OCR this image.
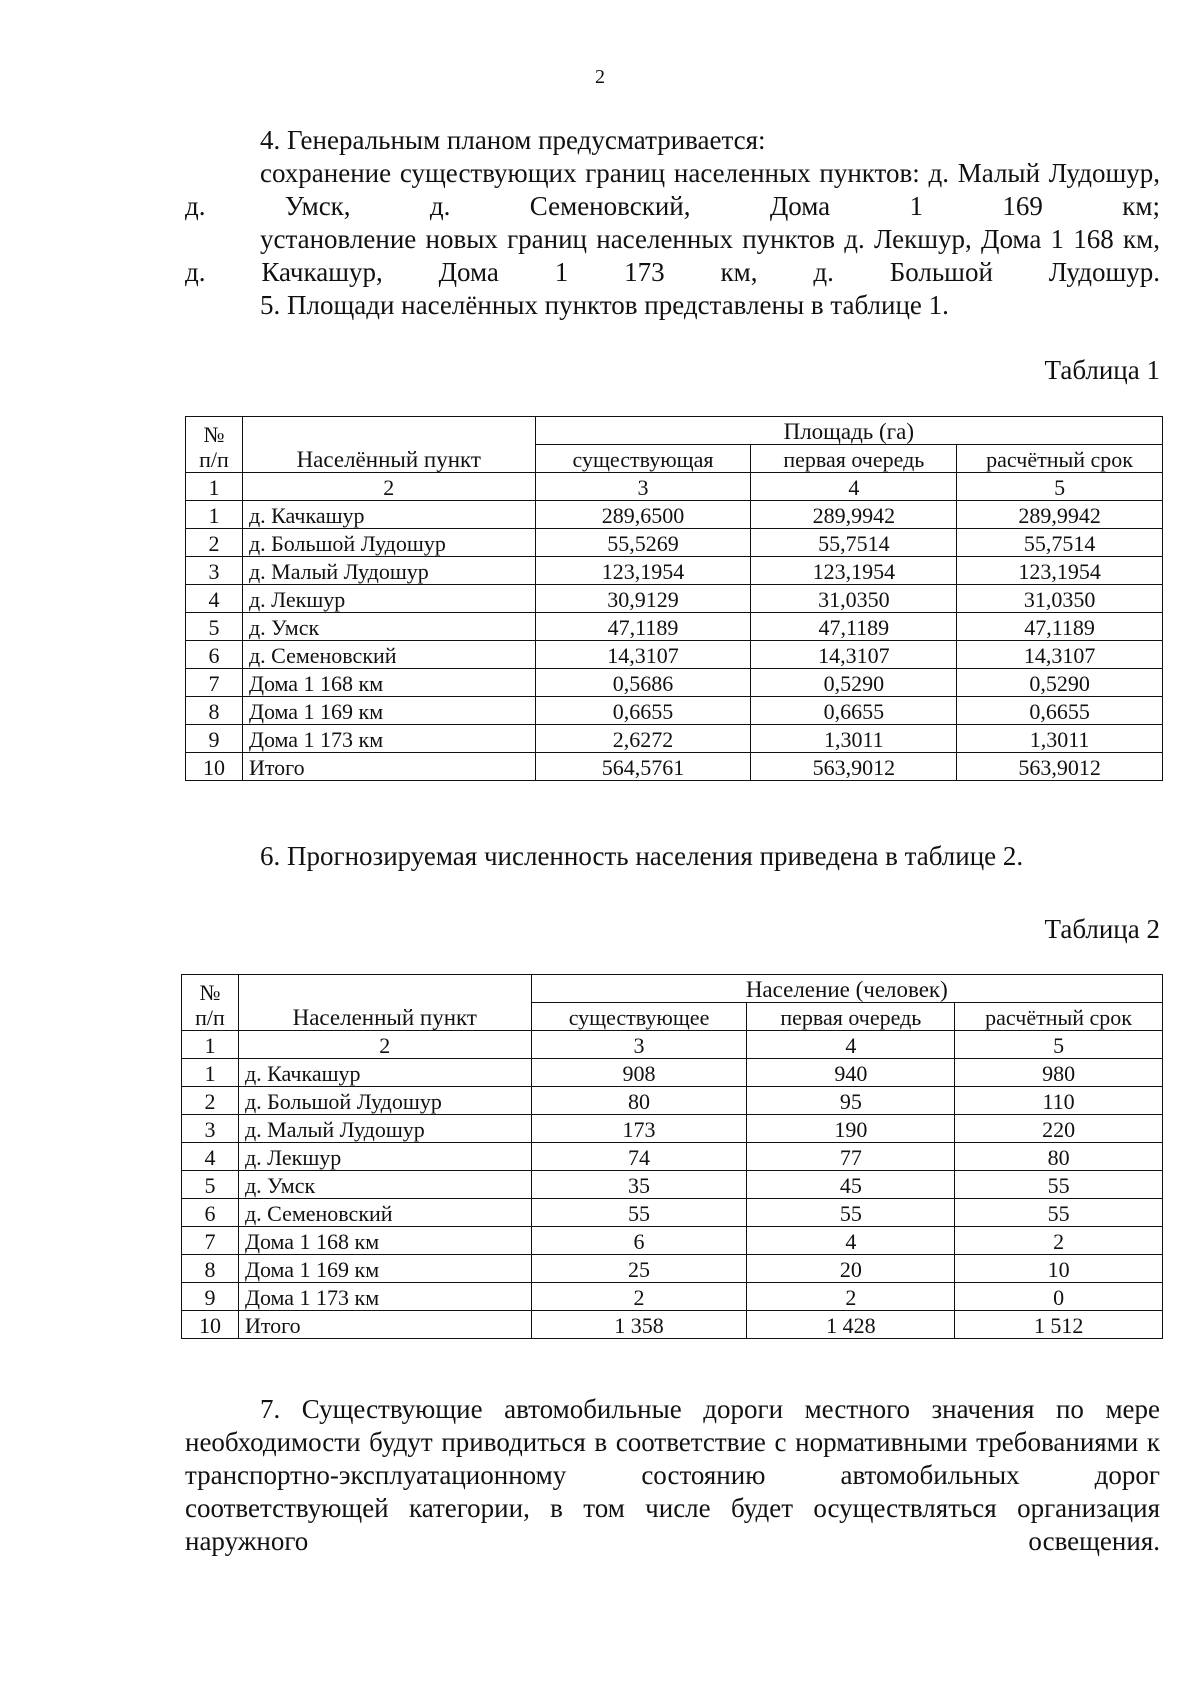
2
4. Генеральным планом предусматривается:
сохранение существующих границ населенных пунктов: д. Малый Лудошур, д. Умск, д. Семеновский, Дома 1 169 км;
установление новых границ населенных пунктов д. Лекшур, Дома 1 168 км, д. Качкашур, Дома 1 173 км, д. Большой Лудошур.
5. Площади населённых пунктов представлены в таблице 1.
Таблица 1
№ п/п	Населённый пункт	Площадь (га)		
		существующая	первая очередь	расчётный срок
1	2	3	4	5
1	д. Качкашур	289,6500	289,9942	289,9942
2	д. Большой Лудошур	55,5269	55,7514	55,7514
3	д. Малый Лудошур	123,1954	123,1954	123,1954
4	д. Лекшур	30,9129	31,0350	31,0350
5	д. Умск	47,1189	47,1189	47,1189
6	д. Семеновский	14,3107	14,3107	14,3107
7	Дома 1 168 км	0,5686	0,5290	0,5290
8	Дома 1 169 км	0,6655	0,6655	0,6655
9	Дома 1 173 км	2,6272	1,3011	1,3011
10	Итого	564,5761	563,9012	563,9012
6. Прогнозируемая численность населения приведена в таблице 2.
Таблица 2
№ п/п	Населенный пункт	Население (человек)		
		существующее	первая очередь	расчётный срок
1	2	3	4	5
1	д. Качкашур	908	940	980
2	д. Большой Лудошур	80	95	110
3	д. Малый Лудошур	173	190	220
4	д. Лекшур	74	77	80
5	д. Умск	35	45	55
6	д. Семеновский	55	55	55
7	Дома 1 168 км	6	4	2
8	Дома 1 169 км	25	20	10
9	Дома 1 173 км	2	2	0
10	Итого	1 358	1 428	1 512
7. Существующие автомобильные дороги местного значения по мере необходимости будут приводиться в соответствие с нормативными требованиями к транспортно-эксплуатационному состоянию автомобильных дорог соответствующей категории, в том числе будет осуществляться организация наружного освещения.
